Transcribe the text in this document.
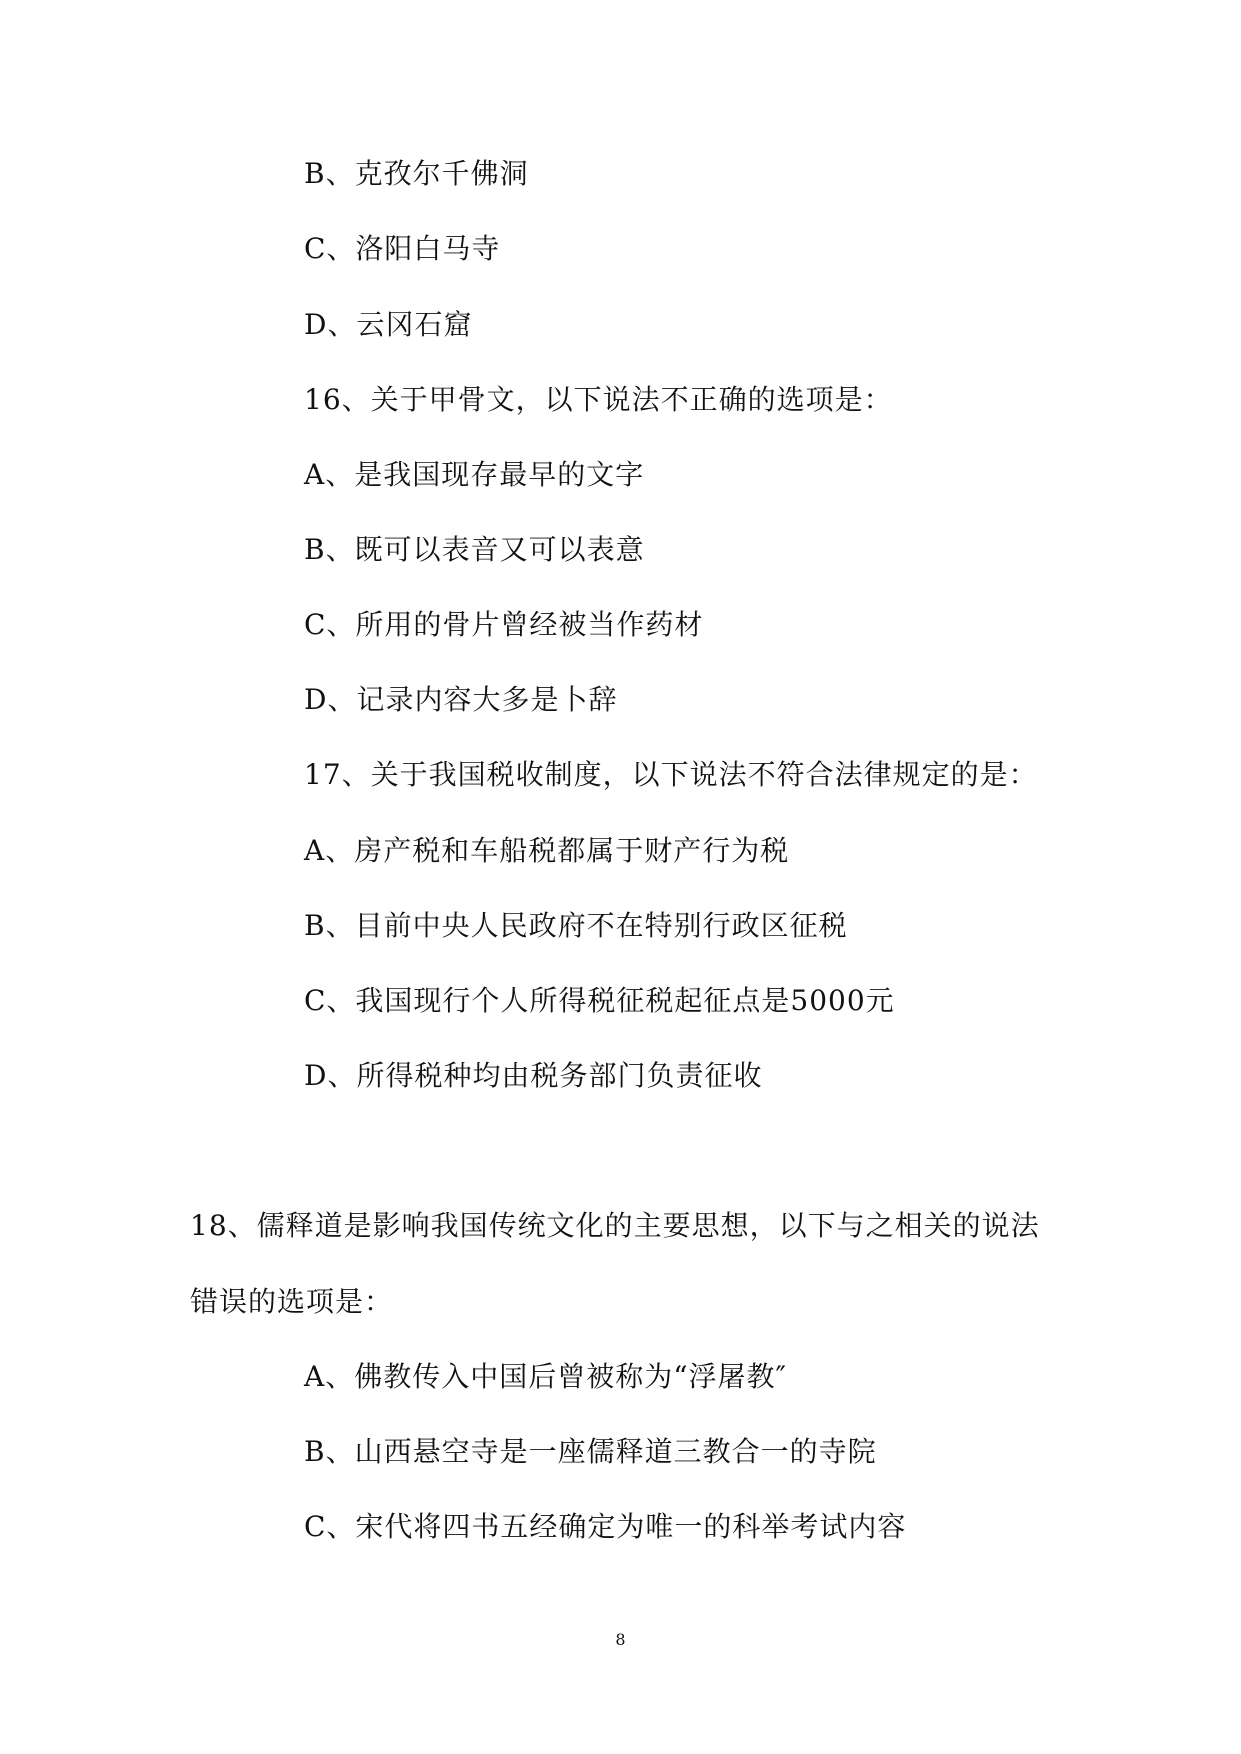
B、克孜尔千佛洞
C、洛阳白马寺
D、云冈石窟
16、关于甲骨文，以下说法不正确的选项是：
A、是我国现存最早的文字
B、既可以表音又可以表意
C、所用的骨片曾经被当作药材
D、记录内容大多是卜辞
17、关于我国税收制度，以下说法不符合法律规定的是：
A、房产税和车船税都属于财产行为税
B、目前中央人民政府不在特别行政区征税
C、我国现行个人所得税征税起征点是5000元
D、所得税种均由税务部门负责征收
18、儒释道是影响我国传统文化的主要思想，以下与之相关的说法
错误的选项是：
A、佛教传入中国后曾被称为“浮屠教″
B、山西悬空寺是一座儒释道三教合一的寺院
C、宋代将四书五经确定为唯一的科举考试内容
8
